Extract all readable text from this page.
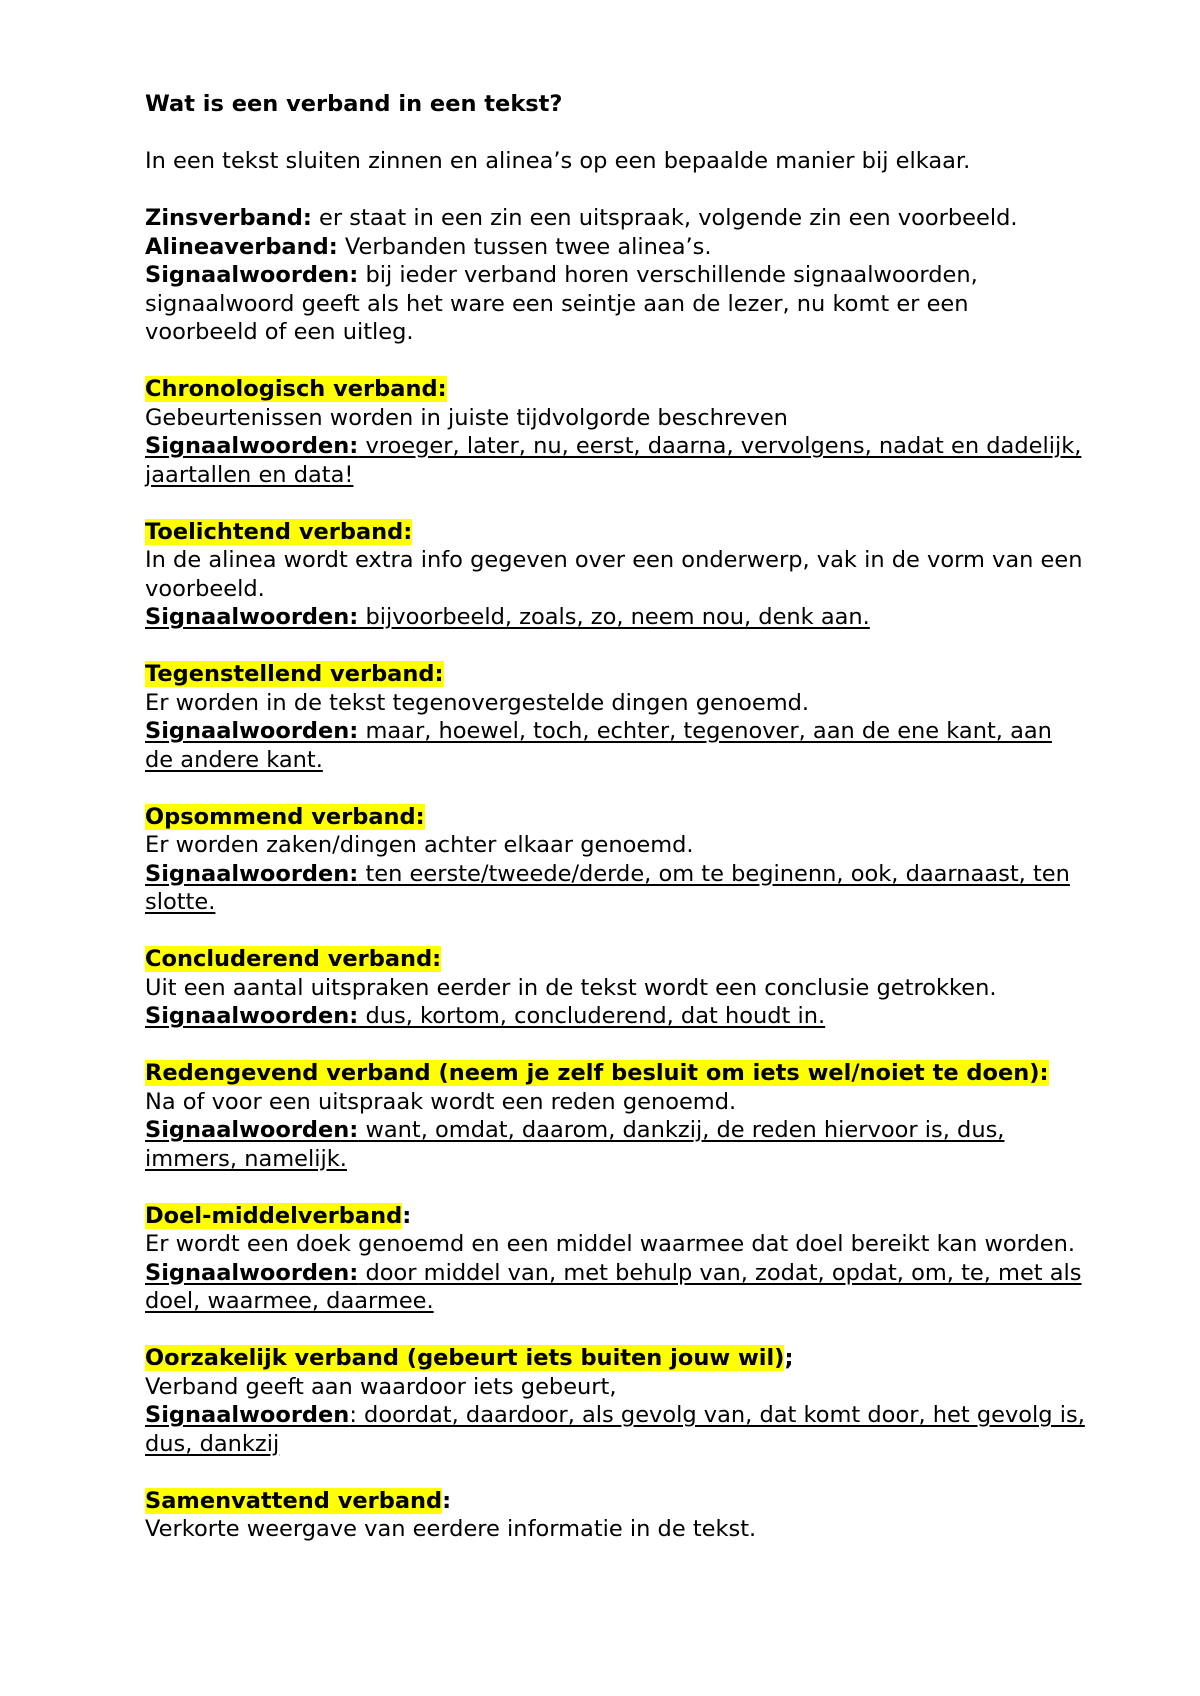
Wat is een verband in een tekst?
In een tekst sluiten zinnen en alinea’s op een bepaalde manier bij elkaar.
Zinsverband: er staat in een zin een uitspraak, volgende zin een voorbeeld.
Alineaverband: Verbanden tussen twee alinea’s.
Signaalwoorden: bij ieder verband horen verschillende signaalwoorden, signaalwoord geeft als het ware een seintje aan de lezer, nu komt er een voorbeeld of een uitleg.
Chronologisch verband:
Gebeurtenissen worden in juiste tijdvolgorde beschreven
Signaalwoorden: vroeger, later, nu, eerst, daarna, vervolgens, nadat en dadelijk,
jaartallen en data!
Toelichtend verband:
In de alinea wordt extra info gegeven over een onderwerp, vak in de vorm van een voorbeeld.
Signaalwoorden: bijvoorbeeld, zoals, zo, neem nou, denk aan.
Tegenstellend verband:
Er worden in de tekst tegenovergestelde dingen genoemd.
Signaalwoorden: maar, hoewel, toch, echter, tegenover, aan de ene kant, aan de andere kant.
Opsommend verband:
Er worden zaken/dingen achter elkaar genoemd.
Signaalwoorden: ten eerste/tweede/derde, om te beginenn, ook, daarnaast, ten slotte.
Concluderend verband:
Uit een aantal uitspraken eerder in de tekst wordt een conclusie getrokken.
Signaalwoorden: dus, kortom, concluderend, dat houdt in.
Redengevend verband (neem je zelf besluit om iets wel/noiet te doen):
Na of voor een uitspraak wordt een reden genoemd.
Signaalwoorden: want, omdat, daarom, dankzij, de reden hiervoor is, dus, immers, namelijk.
Doel-middelverband:
Er wordt een doek genoemd en een middel waarmee dat doel bereikt kan worden.
Signaalwoorden: door middel van, met behulp van, zodat, opdat, om, te, met als doel, waarmee, daarmee.
Oorzakelijk verband (gebeurt iets buiten jouw wil);
Verband geeft aan waardoor iets gebeurt,
Signaalwoorden: doordat, daardoor, als gevolg van, dat komt door, het gevolg is, dus, dankzij
Samenvattend verband:
Verkorte weergave van eerdere informatie in de tekst.
